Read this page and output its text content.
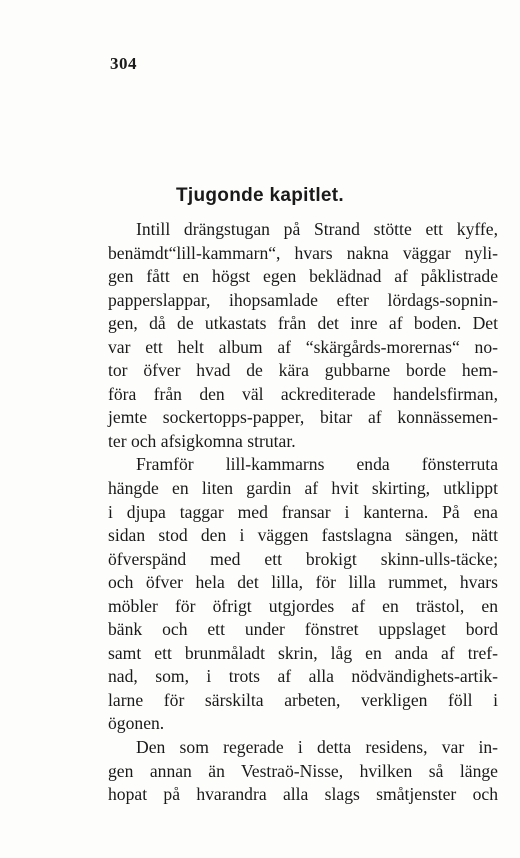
304
Tjugonde kapitlet.
Intill drängstugan på Strand stötte ett kyffe,
benämdt“lill-kammarn“, hvars nakna väggar nyli-
gen fått en högst egen beklädnad af påklistrade
papperslappar, ihopsamlade efter lördags-sopnin-
gen, då de utkastats från det inre af boden. Det
var ett helt album af “skärgårds-morernas“ no-
tor öfver hvad de kära gubbarne borde hem-
föra från den väl ackrediterade handelsfirman,
jemte sockertopps-papper, bitar af konnässemen-
ter och afsigkomna strutar.
Framför lill-kammarns enda fönsterruta
hängde en liten gardin af hvit skirting, utklippt
i djupa taggar med fransar i kanterna. På ena
sidan stod den i väggen fastslagna sängen, nätt
öfverspänd med ett brokigt skinn-ulls-täcke;
och öfver hela det lilla, för lilla rummet, hvars
möbler för öfrigt utgjordes af en trästol, en
bänk och ett under fönstret uppslaget bord
samt ett brunmåladt skrin, låg en anda af tref-
nad, som, i trots af alla nödvändighets-artik-
larne för särskilta arbeten, verkligen föll i
ögonen.
Den som regerade i detta residens, var in-
gen annan än Vestraö-Nisse, hvilken så länge
hopat på hvarandra alla slags småtjenster och
